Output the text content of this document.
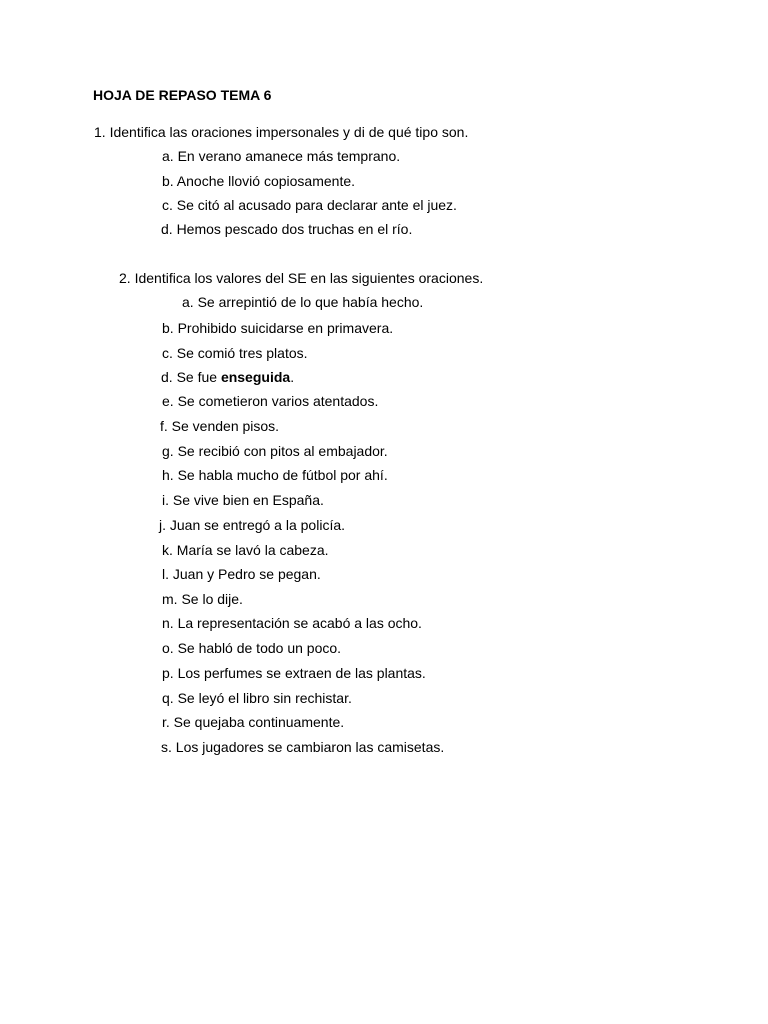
HOJA DE REPASO TEMA 6
1. Identifica las oraciones impersonales y di de qué tipo son.
a. En verano amanece más temprano.
b. Anoche llovió copiosamente.
c. Se citó al acusado para declarar ante el juez.
d. Hemos pescado dos truchas en el río.
2. Identifica los valores del SE en las siguientes oraciones.
a. Se arrepintió de lo que había hecho.
b. Prohibido suicidarse en primavera.
c. Se comió tres platos.
d. Se fue enseguida.
e. Se cometieron varios atentados.
f. Se venden pisos.
g. Se recibió con pitos al embajador.
h. Se habla mucho de fútbol por ahí.
i. Se vive bien en España.
j. Juan se entregó a la policía.
k. María se lavó la cabeza.
l. Juan y Pedro se pegan.
m. Se lo dije.
n. La representación se acabó a las ocho.
o. Se habló de todo un poco.
p. Los perfumes se extraen de las plantas.
q. Se leyó el libro sin rechistar.
r. Se quejaba continuamente.
s. Los jugadores se cambiaron las camisetas.
